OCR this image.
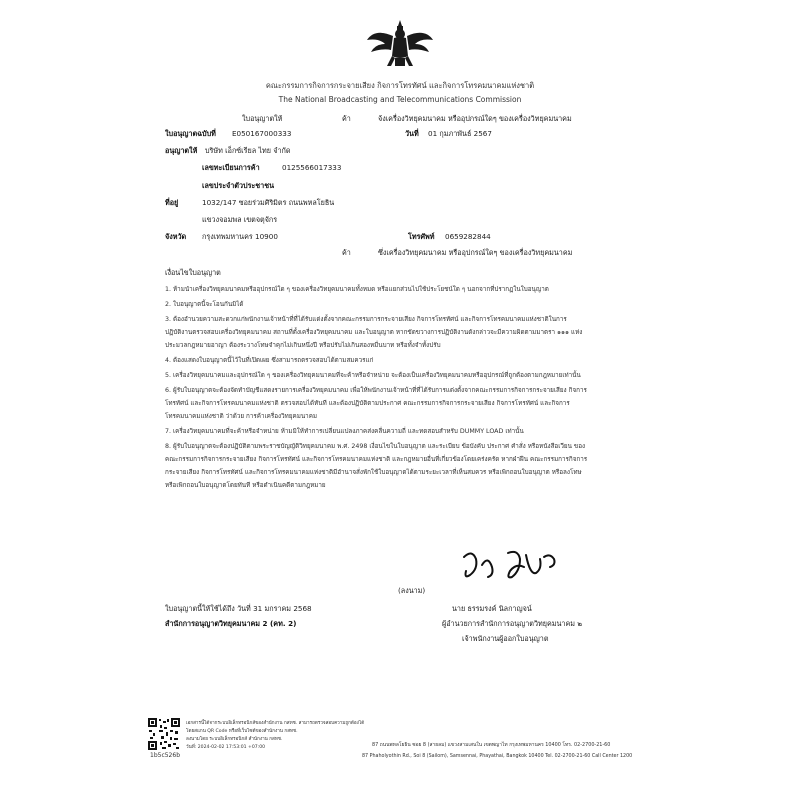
คณะกรรมการกิจการกระจายเสียง กิจการโทรทัศน์ และกิจการโทรคมนาคมแห่งชาติ
The National Broadcasting and Telecommunications Commission
ใบอนุญาตให้	ค้า	จ้งเครื่องวิทยุคมนาคม หรืออุปกรณ์ใดๆ ของเครื่องวิทยุคมนาคม
ใบอนุญาตฉบับที่ E050167000333	วันที่ 01 กุมภาพันธ์ 2567
อนุญาตให้ บริษัท เอ็กซ์เรียล ไทย จำกัด
เลขทะเบียนการค้า	0125566017333
เลขประจำตัวประชาชน
ที่อยู่	1032/147 ซอยร่วมศิริมิตร ถนนพหลโยธิน
แขวงจอมพล เขตจตุจักร
จังหวัด กรุงเทพมหานคร 10900	โทรศัพท์ 0659282844
ค้า	ซึ่งเครื่องวิทยุคมนาคม หรืออุปกรณ์ใดๆ ของเครื่องวิทยุคมนาคม
เงื่อนไขใบอนุญาต
1. ห้ามนำเครื่องวิทยุคมนาคมหรืออุปกรณ์ใด ๆ ของเครื่องวิทยุคมนาคมทั้งหมด หรือแยกส่วนไปใช้ประโยชน์ใด ๆ นอกจากที่ปรากฏในใบอนุญาต
2. ใบอนุญาตนี้จะโอนกันมิได้
3. ต้องอำนวยความสะดวกแก่พนักงานเจ้าหน้าที่ที่ได้รับแต่งตั้งจากคณะกรรมการกระจายเสียง กิจการโทรทัศน์ และกิจการโทรคมนาคมแห่งชาติในการ
ปฏิบัติงานตรวจสอบเครื่องวิทยุคมนาคม สถานที่ตั้งเครื่องวิทยุคมนาคม และใบอนุญาต หากขัดขวางการปฏิบัติงานดังกล่าวจะมีความผิดตามมาตรา ๑๑๑ แห่ง
ประมวลกฎหมายอาญา ต้องระวางโทษจำคุกไม่เกินหนึ่งปี หรือปรับไม่เกินสองหมื่นบาท หรือทั้งจำทั้งปรับ
4. ต้องแสดงใบอนุญาตนี้ไว้ในที่เปิดเผย ซึ่งสามารถตรวจสอบได้ตามสมควรแก่
5. เครื่องวิทยุคมนาคมและอุปกรณ์ใด ๆ ของเครื่องวิทยุคมนาคมที่จะค้าหรือจำหน่าย จะต้องเป็นเครื่องวิทยุคมนาคมหรืออุปกรณ์ที่ถูกต้องตามกฎหมายเท่านั้น
6. ผู้รับใบอนุญาตจะต้องจัดทำบัญชีแสดงรายการเครื่องวิทยุคมนาคม เพื่อให้พนักงานเจ้าหน้าที่ที่ได้รับการแต่งตั้งจากคณะกรรมการกิจการกระจายเสียง กิจการ
โทรทัศน์ และกิจการโทรคมนาคมแห่งชาติ ตรวจสอบได้ทันที และต้องปฏิบัติตามประกาศ คณะกรรมการกิจการกระจายเสียง กิจการโทรทัศน์ และกิจการ
โทรคมนาคมแห่งชาติ ว่าด้วย การค้าเครื่องวิทยุคมนาคม
7. เครื่องวิทยุคมนาคมที่จะค้าหรือจำหน่าย ห้ามมิให้ทำการเปลี่ยนแปลงภาคส่งคลื่นความถี่ และทดสอบสำหรับ DUMMY LOAD เท่านั้น
8. ผู้รับใบอนุญาตจะต้องปฏิบัติตามพระราชบัญญัติวิทยุคมนาคม พ.ศ. 2498 เงื่อนไขในใบอนุญาต และระเบียบ ข้อบังคับ ประกาศ คำสั่ง หรือหนังสือเวียน ของ
คณะกรรมการกิจการกระจายเสียง กิจการโทรทัศน์ และกิจการโทรคมนาคมแห่งชาติ และกฎหมายอื่นที่เกี่ยวข้องโดยเคร่งครัด หากฝ่าฝืน คณะกรรมการกิจการ
กระจายเสียง กิจการโทรทัศน์ และกิจการโทรคมนาคมแห่งชาติมีอำนาจสั่งพักใช้ใบอนุญาตได้ตามระยะเวลาที่เห็นสมควร หรือเพิกถอนใบอนุญาต หรือลงโทษ
หรือเพิกถอนใบอนุญาตโดยทันที หรือดำเนินคดีตามกฎหมาย
(ลงนาม)
นาย ธรรมรงค์ นิลกาญจน์
ผู้อำนวยการสำนักการอนุญาตวิทยุคมนาคม ๒
เจ้าพนักงานผู้ออกใบอนุญาต
ใบอนุญาตนี้ให้ใช้ได้ถึง วันที่ 31 มกราคม 2568
สำนักการอนุญาตวิทยุคมนาคม 2 (คท. 2)
1b5c526b
เอกสารนี้ได้จากระบบอิเล็กทรอนิกส์ของสำนักงาน กสทช. สามารถตรวจสอบความถูกต้องได้
โดยสแกน QR Code หรือที่เว็บไซต์ของสำนักงาน กสทช.
ลงนามโดย ระบบอิเล็กทรอนิกส์ สำนักงาน กสทช.
วันที่: 2024-02-02 17:53:01 +07:00	87 ถนนพหลโยธิน ซอย 8 (สายลม) แขวงสามเสนใน เขตพญาไท กรุงเทพมหานคร 10400 โทร. 02-2700-21-60
87 Phaholyothin Rd., Soi 8 (Sailom), Samsennai, Phayathai, Bangkok 10400 Tel. 02-2700-21-60 Call Center 1200
